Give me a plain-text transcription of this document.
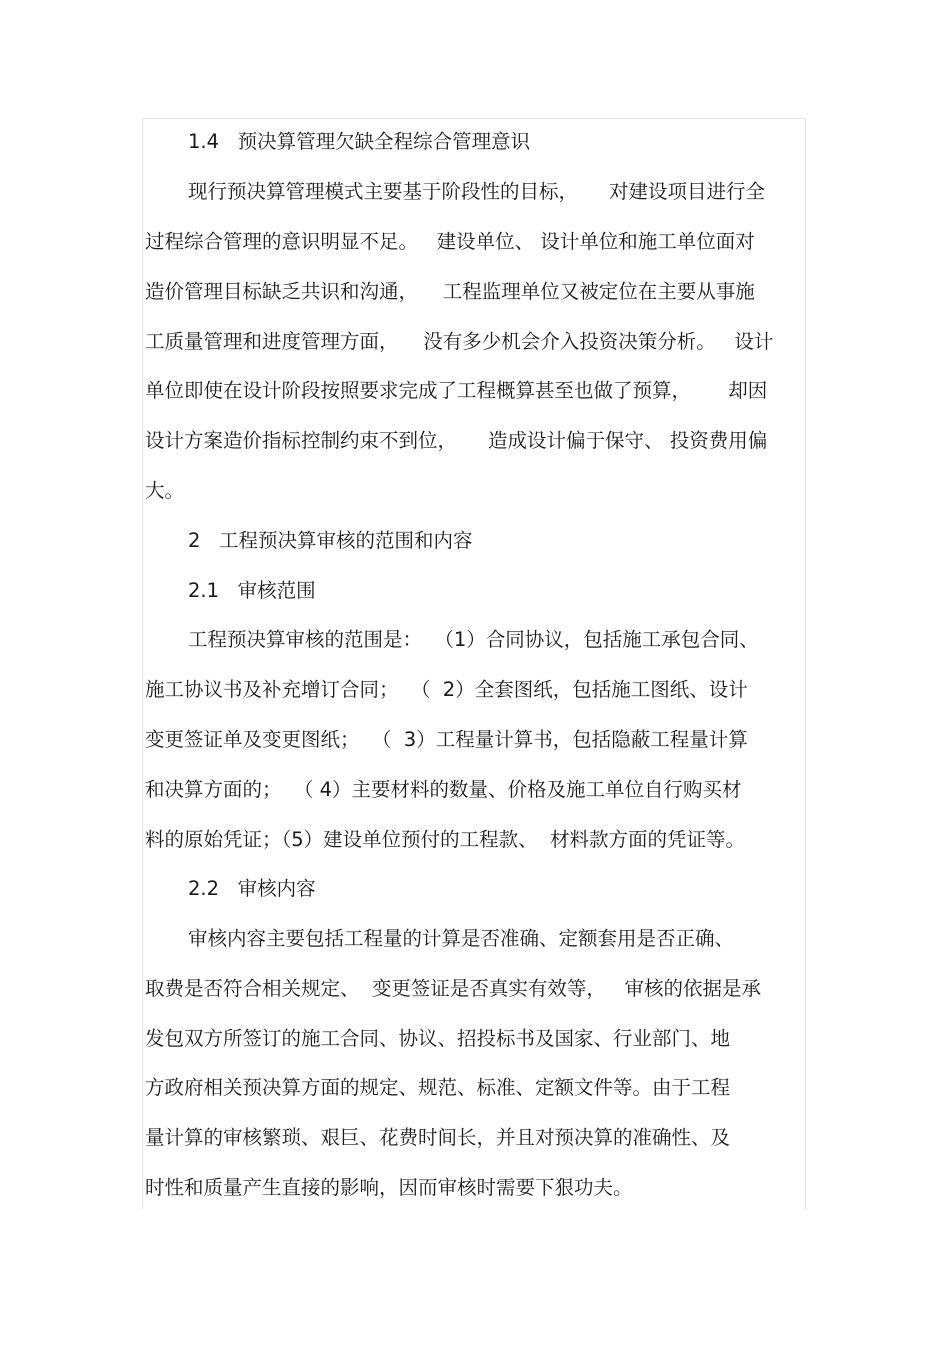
1.4   预决算管理欠缺全程综合管理意识
现行预决算管理模式主要基于阶段性的目标，     对建设项目进行全
过程综合管理的意识明显不足。   建设单位、 设计单位和施工单位面对
造价管理目标缺乏共识和沟通，    工程监理单位又被定位在主要从事施
工质量管理和进度管理方面，    没有多少机会介入投资决策分析。   设计
单位即使在设计阶段按照要求完成了工程概算甚至也做了预算，      却因
设计方案造价指标控制约束不到位，     造成设计偏于保守、 投资费用偏
大。
2   工程预决算审核的范围和内容
2.1   审核范围
工程预决算审核的范围是：  （1）合同协议，包括施工承包合同、
施工协议书及补充增订合同；  （  2）全套图纸，包括施工图纸、设计
变更签证单及变更图纸；  （  3）工程量计算书，包括隐蔽工程量计算
和决算方面的；  （ 4）主要材料的数量、价格及施工单位自行购买材
料的原始凭证；（5）建设单位预付的工程款、  材料款方面的凭证等。
2.2   审核内容
审核内容主要包括工程量的计算是否准确、定额套用是否正确、
取费是否符合相关规定、  变更签证是否真实有效等，   审核的依据是承
发包双方所签订的施工合同、协议、招投标书及国家、行业部门、地
方政府相关预决算方面的规定、规范、标准、定额文件等。由于工程
量计算的审核繁琐、艰巨、花费时间长，并且对预决算的准确性、及
时性和质量产生直接的影响，因而审核时需要下狠功夫。
